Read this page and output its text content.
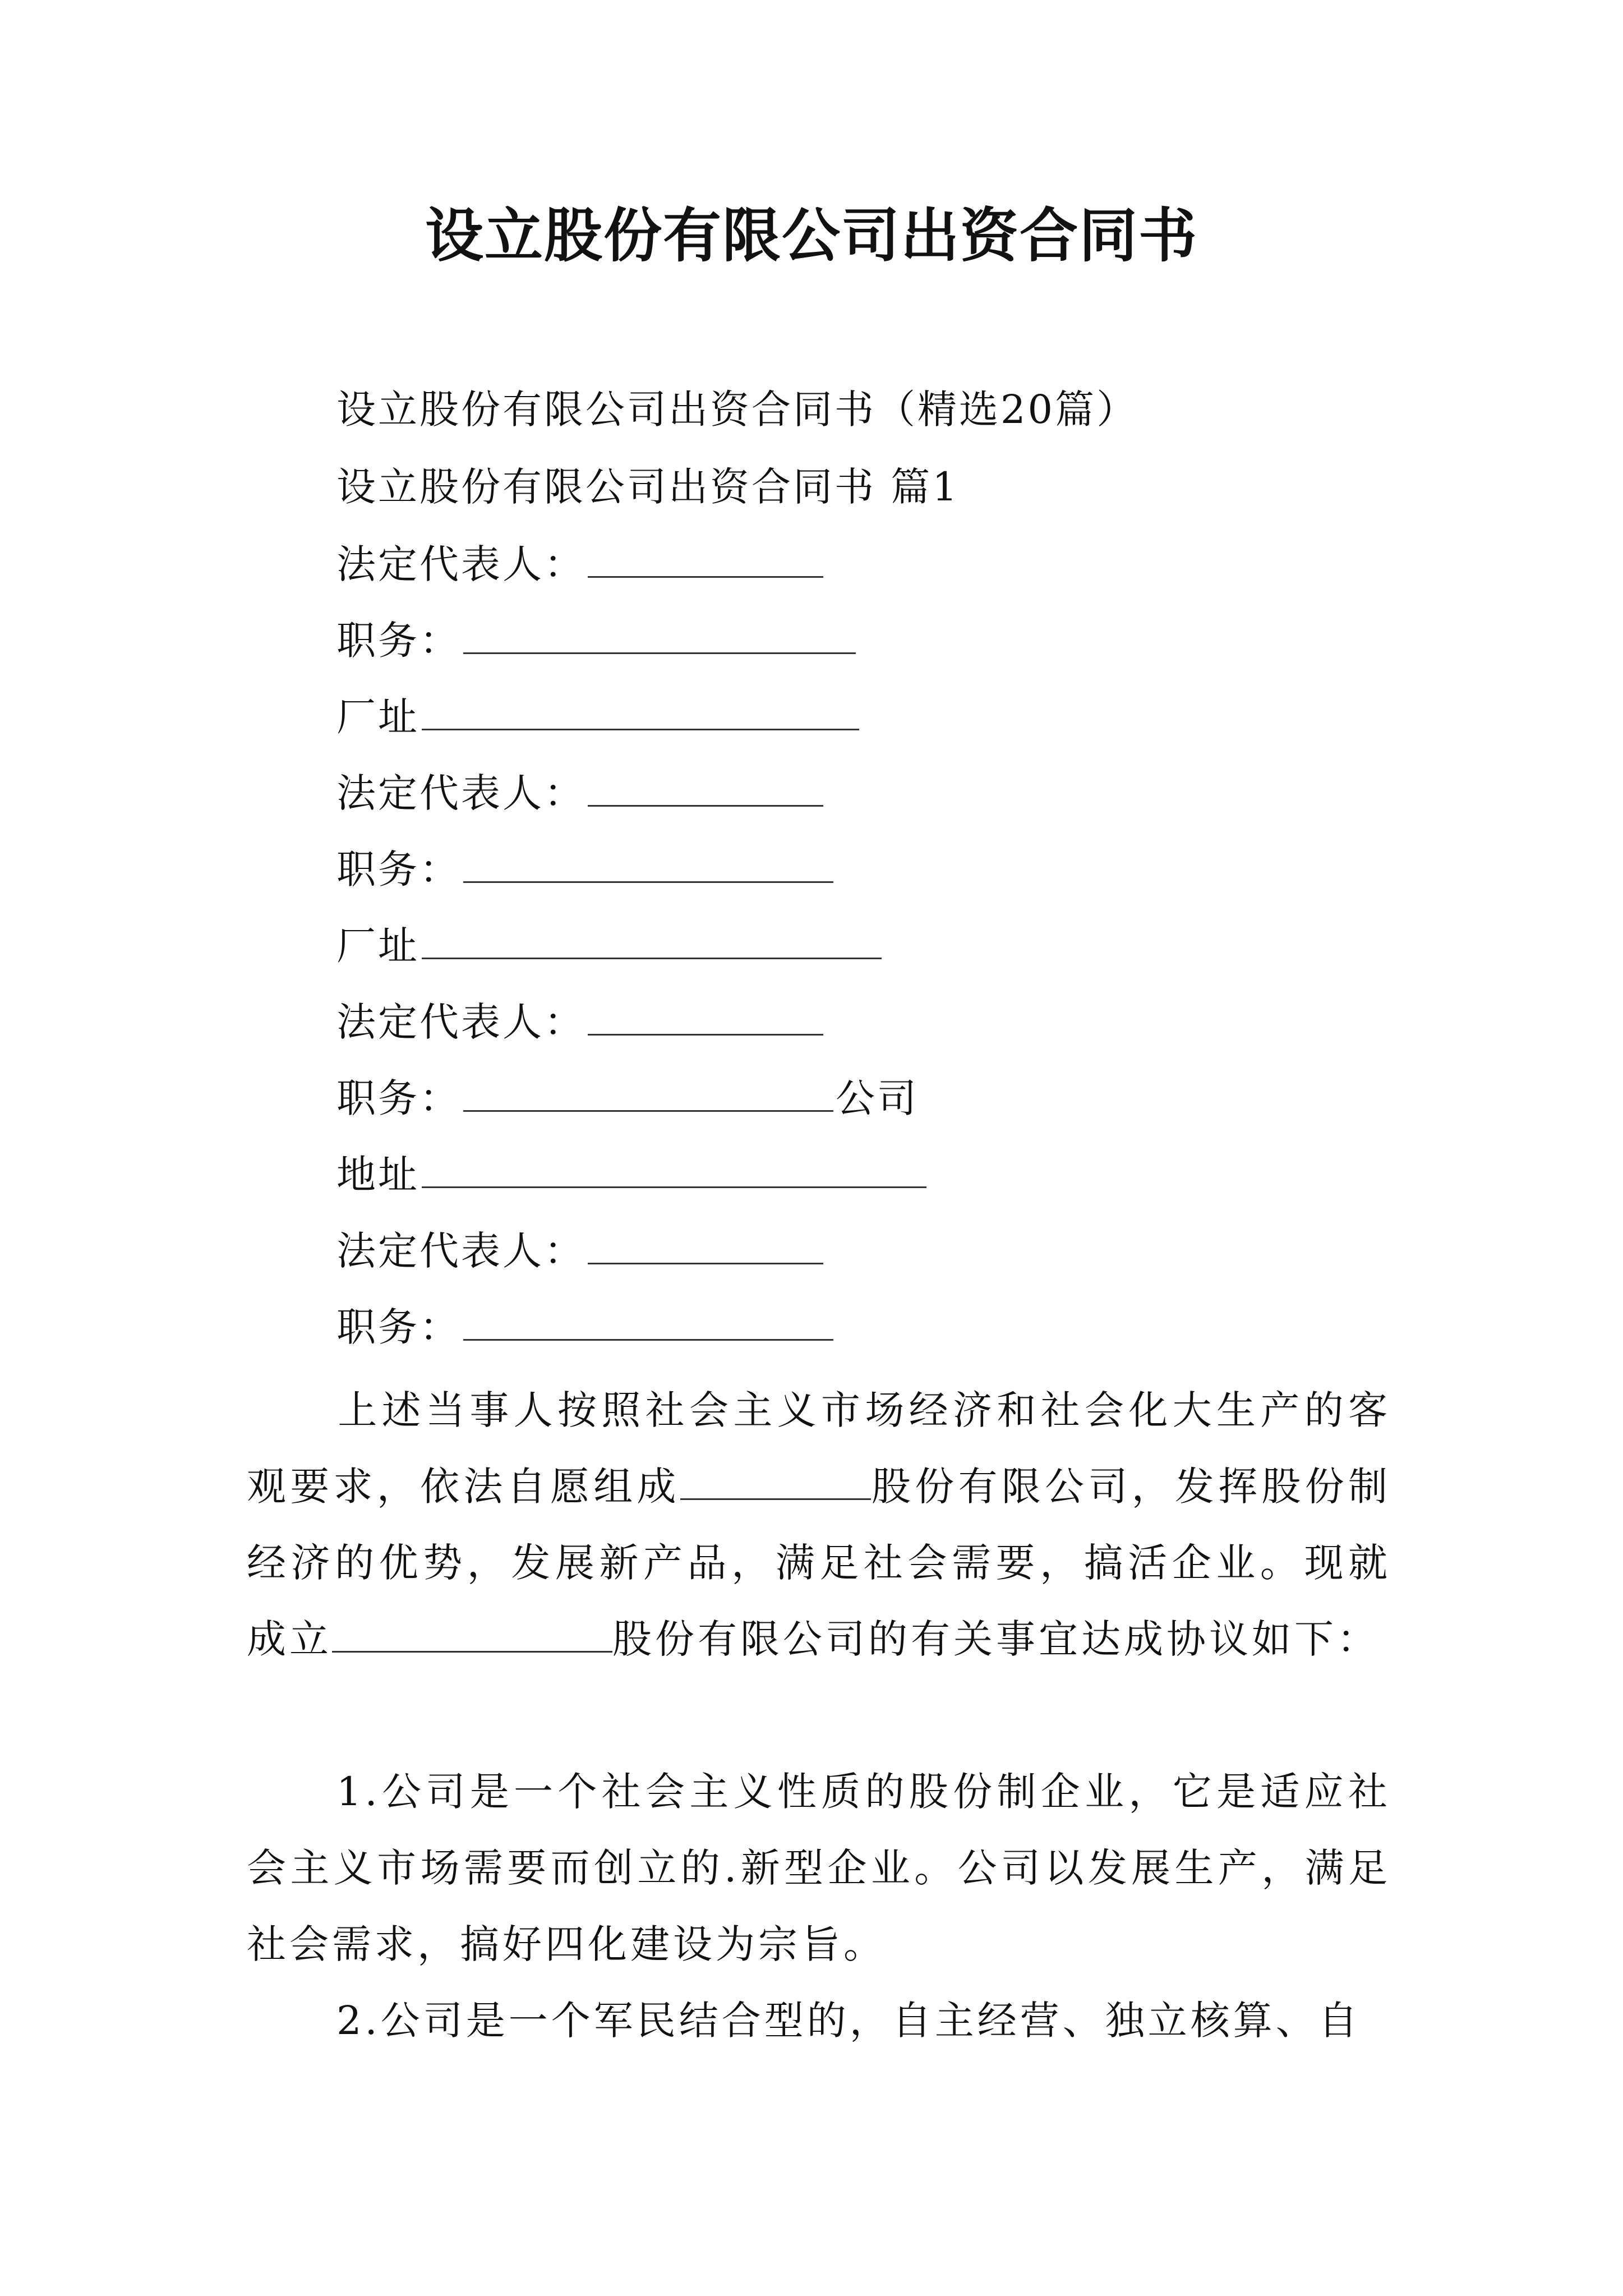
设立股份有限公司出资合同书
设立股份有限公司出资合同书（精选20篇）
设立股份有限公司出资合同书 篇1
法定代表人：
职务：
厂址
法定代表人：
职务：
厂址
法定代表人：
职务：	公司
地址
法定代表人：
职务：
上述当事人按照社会主义市场经济和社会化大生产的客观要求，依法自愿组成	股份有限公司，发挥股份制经济的优势，发展新产品，满足社会需要，搞活企业。现就成立	股份有限公司的有关事宜达成协议如下：
1.公司是一个社会主义性质的股份制企业，它是适应社会主义市场需要而创立的.新型企业。公司以发展生产，满足社会需求，搞好四化建设为宗旨。
2.公司是一个军民结合型的，自主经营、独立核算、自
